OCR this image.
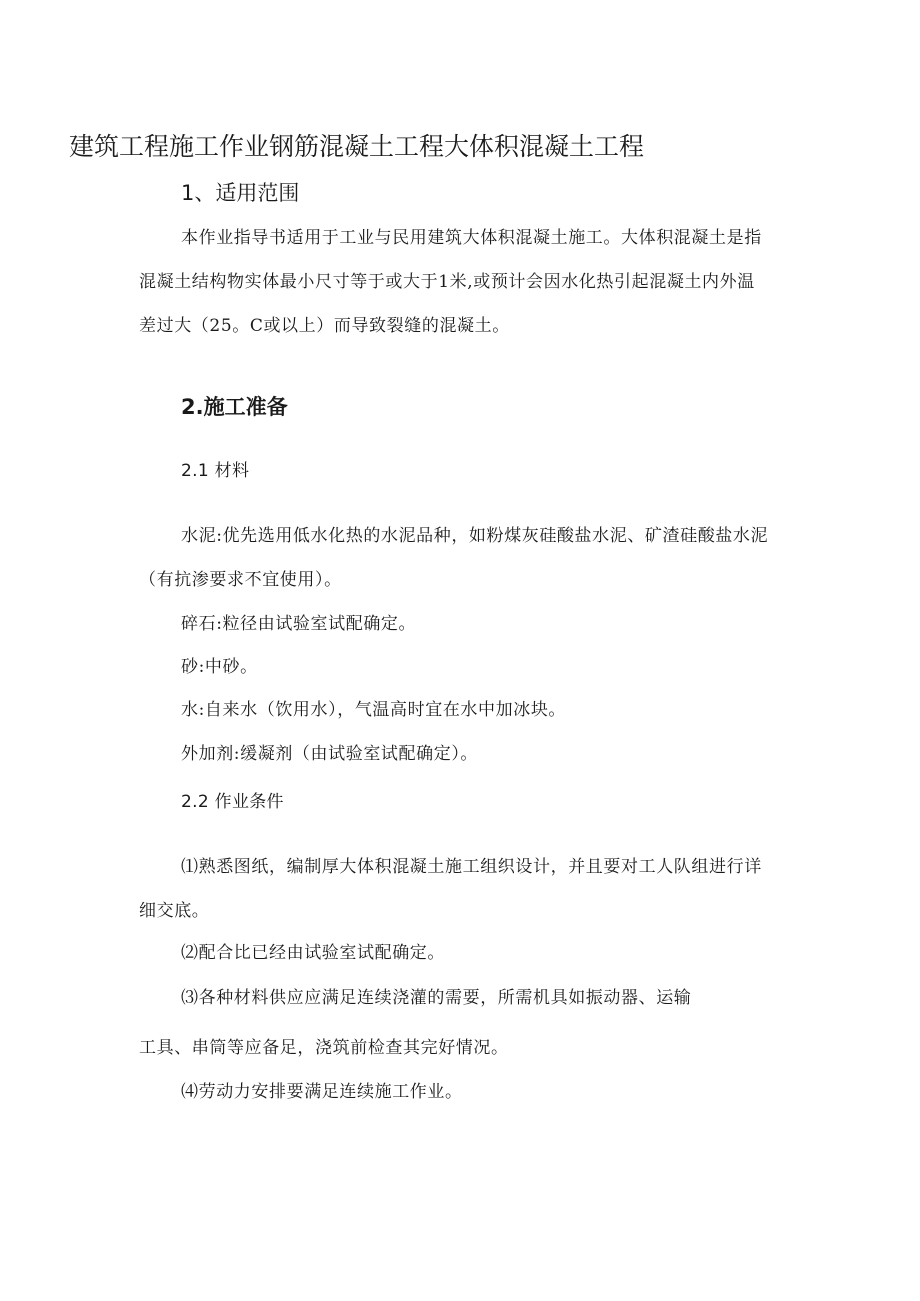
建筑工程施工作业钢筋混凝土工程大体积混凝土工程
1、适用范围
本作业指导书适用于工业与民用建筑大体积混凝土施工。大体积混凝土是指
混凝土结构物实体最小尺寸等于或大于1米,或预计会因水化热引起混凝土内外温
差过大（25。C或以上）而导致裂缝的混凝土。
2.施工准备
2.1 材料
水泥:优先选用低水化热的水泥品种，如粉煤灰硅酸盐水泥、矿渣硅酸盐水泥
（有抗渗要求不宜使用）。
碎石:粒径由试验室试配确定。
砂:中砂。
水:自来水（饮用水），气温高时宜在水中加冰块。
外加剂:缓凝剂（由试验室试配确定）。
2.2 作业条件
⑴熟悉图纸，编制厚大体积混凝土施工组织设计，并且要对工人队组进行详
细交底。
⑵配合比已经由试验室试配确定。
⑶各种材料供应应满足连续浇灌的需要，所需机具如振动器、运输
工具、串筒等应备足，浇筑前检查其完好情况。
⑷劳动力安排要满足连续施工作业。
